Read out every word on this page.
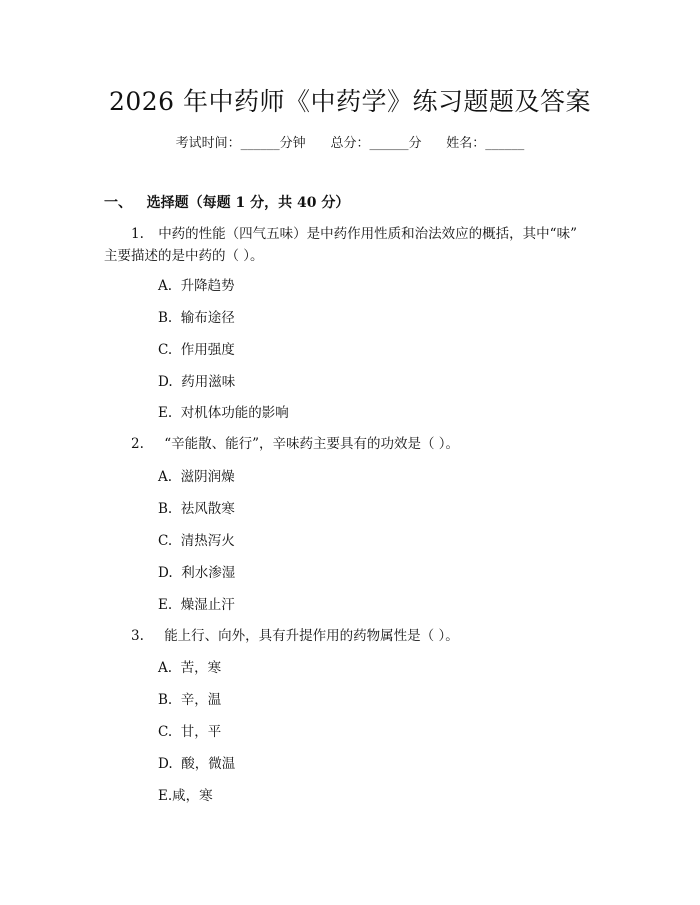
2026 年中药师《中药学》练习题题及答案
考试时间：______分钟 总分：______分 姓名：______
一、 选择题（每题 1 分，共 40 分）
1. 中药的性能（四气五味）是中药作用性质和治法效应的概括，其中“味”
主要描述的是中药的（ ）。
A.  升降趋势
B.  输布途径
C.  作用强度
D.  药用滋味
E.  对机体功能的影响
2. “辛能散、能行”，辛味药主要具有的功效是（ ）。
A.  滋阴润燥
B.  祛风散寒
C.  清热泻火
D.  利水渗湿
E.  燥湿止汗
3. 能上行、向外，具有升提作用的药物属性是（ ）。
A.  苦，寒
B.  辛，温
C.  甘，平
D.  酸，微温
E.咸，寒
